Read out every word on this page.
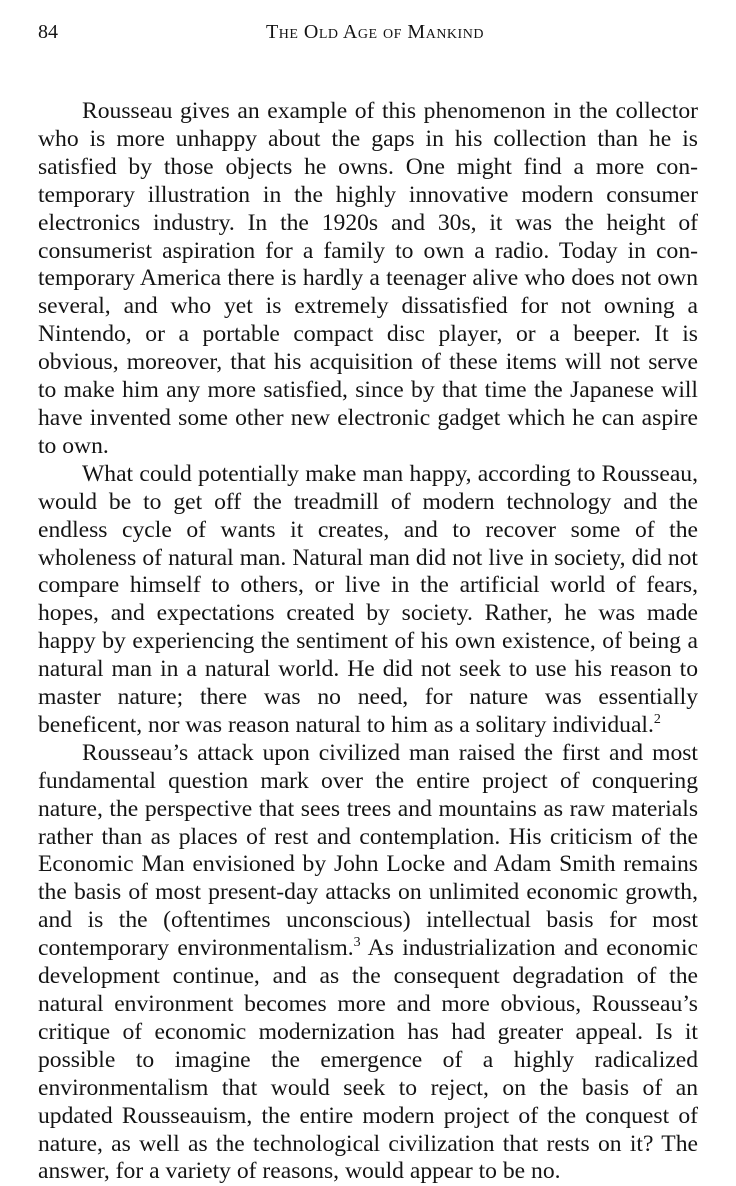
84	The Old Age of Mankind

Rousseau gives an example of this phenomenon in the collector who is more unhappy about the gaps in his collection than he is satisfied by those objects he owns. One might find a more contemporary illustration in the highly innovative modern consumer electronics industry. In the 1920s and 30s, it was the height of consumerist aspiration for a family to own a radio. Today in contemporary America there is hardly a teenager alive who does not own several, and who yet is extremely dissatisfied for not owning a Nintendo, or a portable compact disc player, or a beeper. It is obvious, moreover, that his acquisition of these items will not serve to make him any more satisfied, since by that time the Japanese will have invented some other new electronic gadget which he can aspire to own.

What could potentially make man happy, according to Rousseau, would be to get off the treadmill of modern technology and the endless cycle of wants it creates, and to recover some of the wholeness of natural man. Natural man did not live in society, did not compare himself to others, or live in the artificial world of fears, hopes, and expectations created by society. Rather, he was made happy by experiencing the sentiment of his own existence, of being a natural man in a natural world. He did not seek to use his reason to master nature; there was no need, for nature was essentially beneficent, nor was reason natural to him as a solitary individual.$^2$

Rousseau’s attack upon civilized man raised the first and most fundamental question mark over the entire project of conquering nature, the perspective that sees trees and mountains as raw materials rather than as places of rest and contemplation. His criticism of the Economic Man envisioned by John Locke and Adam Smith remains the basis of most present-day attacks on unlimited economic growth, and is the (oftentimes unconscious) intellectual basis for most contemporary environmentalism.$^3$ As industrialization and economic development continue, and as the consequent degradation of the natural environment becomes more and more obvious, Rousseau’s critique of economic modernization has had greater appeal. Is it possible to imagine the emergence of a highly radicalized environmentalism that would seek to reject, on the basis of an updated Rousseauism, the entire modern project of the conquest of nature, as well as the technological civilization that rests on it? The answer, for a variety of reasons, would appear to be no.
